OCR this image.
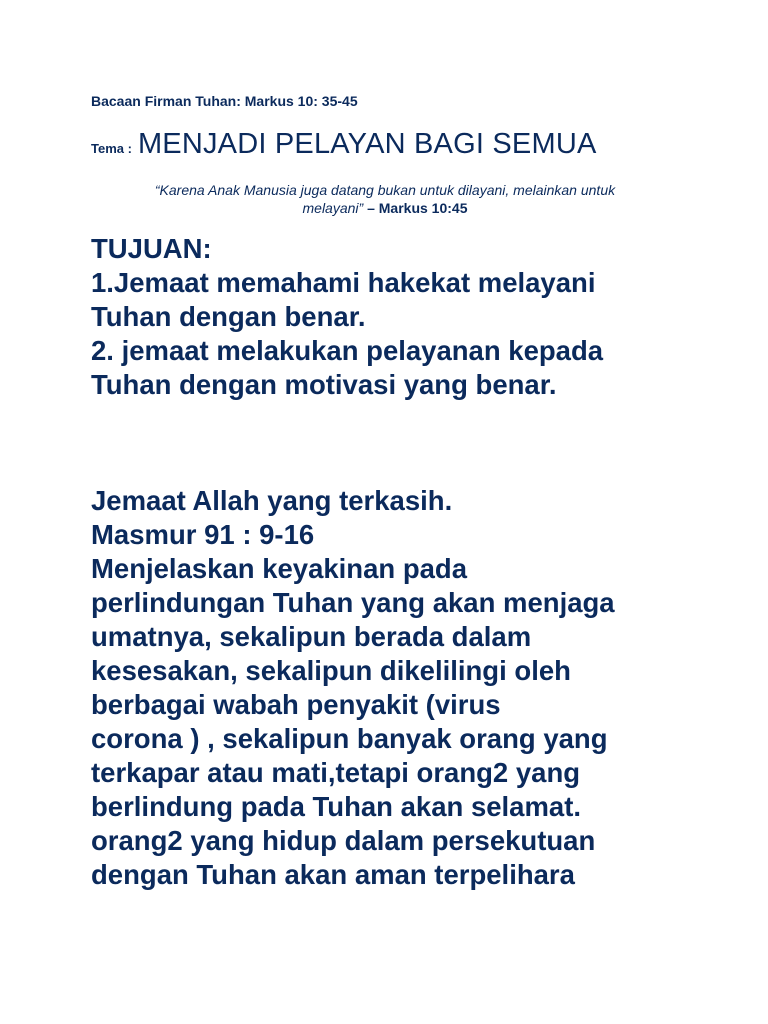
Bacaan Firman Tuhan: Markus 10: 35-45
Tema : MENJADI PELAYAN BAGI SEMUA
“Karena Anak Manusia juga datang bukan untuk dilayani, melainkan untuk
melayani” – Markus 10:45
TUJUAN:
1.Jemaat memahami hakekat melayani
Tuhan dengan benar.
2. jemaat melakukan pelayanan kepada
Tuhan dengan motivasi yang benar.
Jemaat Allah yang terkasih.
Masmur 91 : 9-16
Menjelaskan keyakinan pada
perlindungan Tuhan yang akan menjaga
umatnya, sekalipun berada dalam
kesesakan, sekalipun dikelilingi oleh
berbagai wabah penyakit (virus
corona ) , sekalipun banyak orang yang
terkapar atau mati,tetapi orang2 yang
berlindung pada Tuhan akan selamat.
orang2 yang hidup dalam persekutuan
dengan Tuhan akan aman terpelihara
